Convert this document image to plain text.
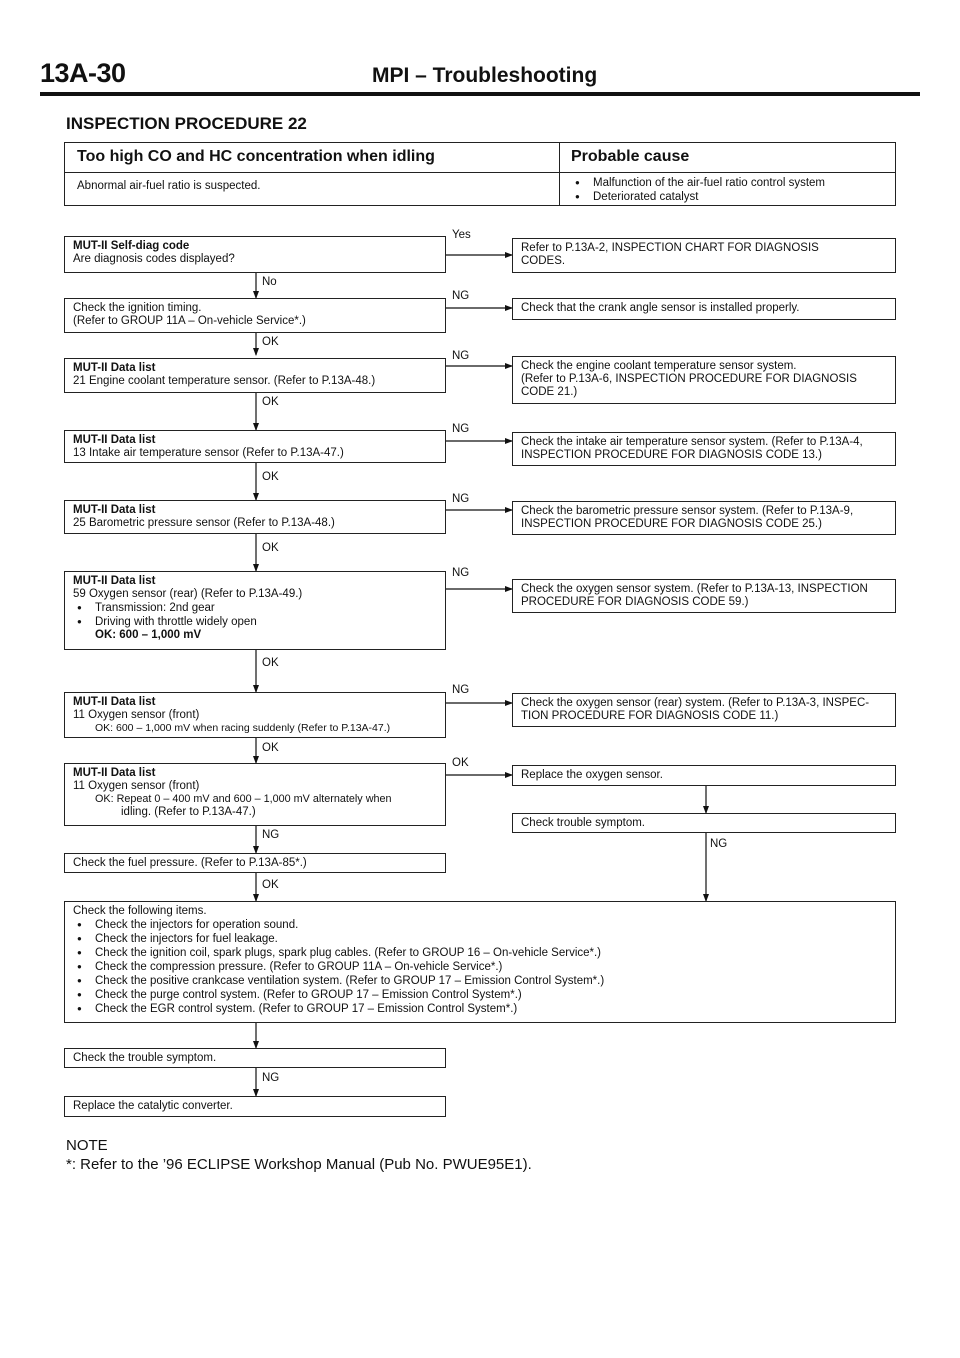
13A-30	MPI – Troubleshooting
INSPECTION PROCEDURE 22
Too high CO and HC concentration when idling	Probable cause
Abnormal air-fuel ratio is suspected.
●	Malfunction of the air-fuel ratio control system
● Deteriorated catalyst
Yes
No
NG
OK
NG
OK
NG
OK
NG
OK
NG
OK
NG
OK
OK
NG
NG
OK
NG
MUT-II Self-diag code
Are diagnosis codes displayed?
Refer to P.13A-2, INSPECTION CHART FOR DIAGNOSIS
CODES.
Check the ignition timing.
(Refer to GROUP 11A – On-vehicle Service*.)
Check that the crank angle sensor is installed properly.
MUT-II Data list
21 Engine coolant temperature sensor. (Refer to P.13A-48.)
Check the engine coolant temperature sensor system.
(Refer to P.13A-6, INSPECTION PROCEDURE FOR DIAGNOSIS
CODE 21.)
MUT-II Data list
13 Intake air temperature sensor (Refer to P.13A-47.)
Check the intake air temperature sensor system. (Refer to P.13A-4,
INSPECTION PROCEDURE FOR DIAGNOSIS CODE 13.)
MUT-II Data list
25 Barometric pressure sensor (Refer to P.13A-48.)
Check the barometric pressure sensor system. (Refer to P.13A-9,
INSPECTION PROCEDURE FOR DIAGNOSIS CODE 25.)
MUT-II Data list
59 Oxygen sensor (rear) (Refer to P.13A-49.)
● Transmission: 2nd gear
● Driving with throttle widely open
OK: 600 – 1,000 mV
Check the oxygen sensor system. (Refer to P.13A-13, INSPECTION
PROCEDURE FOR DIAGNOSIS CODE 59.)
MUT-II Data list
11 Oxygen sensor (front)
OK: 600 – 1,000 mV when racing suddenly (Refer to P.13A-47.)
Check the oxygen sensor (rear) system. (Refer to P.13A-3, INSPEC-
TION PROCEDURE FOR DIAGNOSIS CODE 11.)
MUT-II Data list
11 Oxygen sensor (front)
OK: Repeat 0 – 400 mV and 600 – 1,000 mV alternately when
idling. (Refer to P.13A-47.)
Replace the oxygen sensor.
Check trouble symptom.
Check the fuel pressure. (Refer to P.13A-85*.)
Check the following items.
● Check the injectors for operation sound.
● Check the injectors for fuel leakage.
● Check the ignition coil, spark plugs, spark plug cables. (Refer to GROUP 16 – On-vehicle Service*.)
● Check the compression pressure. (Refer to GROUP 11A – On-vehicle Service*.)
● Check the positive crankcase ventilation system. (Refer to GROUP 17 – Emission Control System*.)
● Check the purge control system. (Refer to GROUP 17 – Emission Control System*.)
● Check the EGR control system. (Refer to GROUP 17 – Emission Control System*.)
Check the trouble symptom.
Replace the catalytic converter.
NOTE
*: Refer to the ’96 ECLIPSE Workshop Manual (Pub No. PWUE95E1).
